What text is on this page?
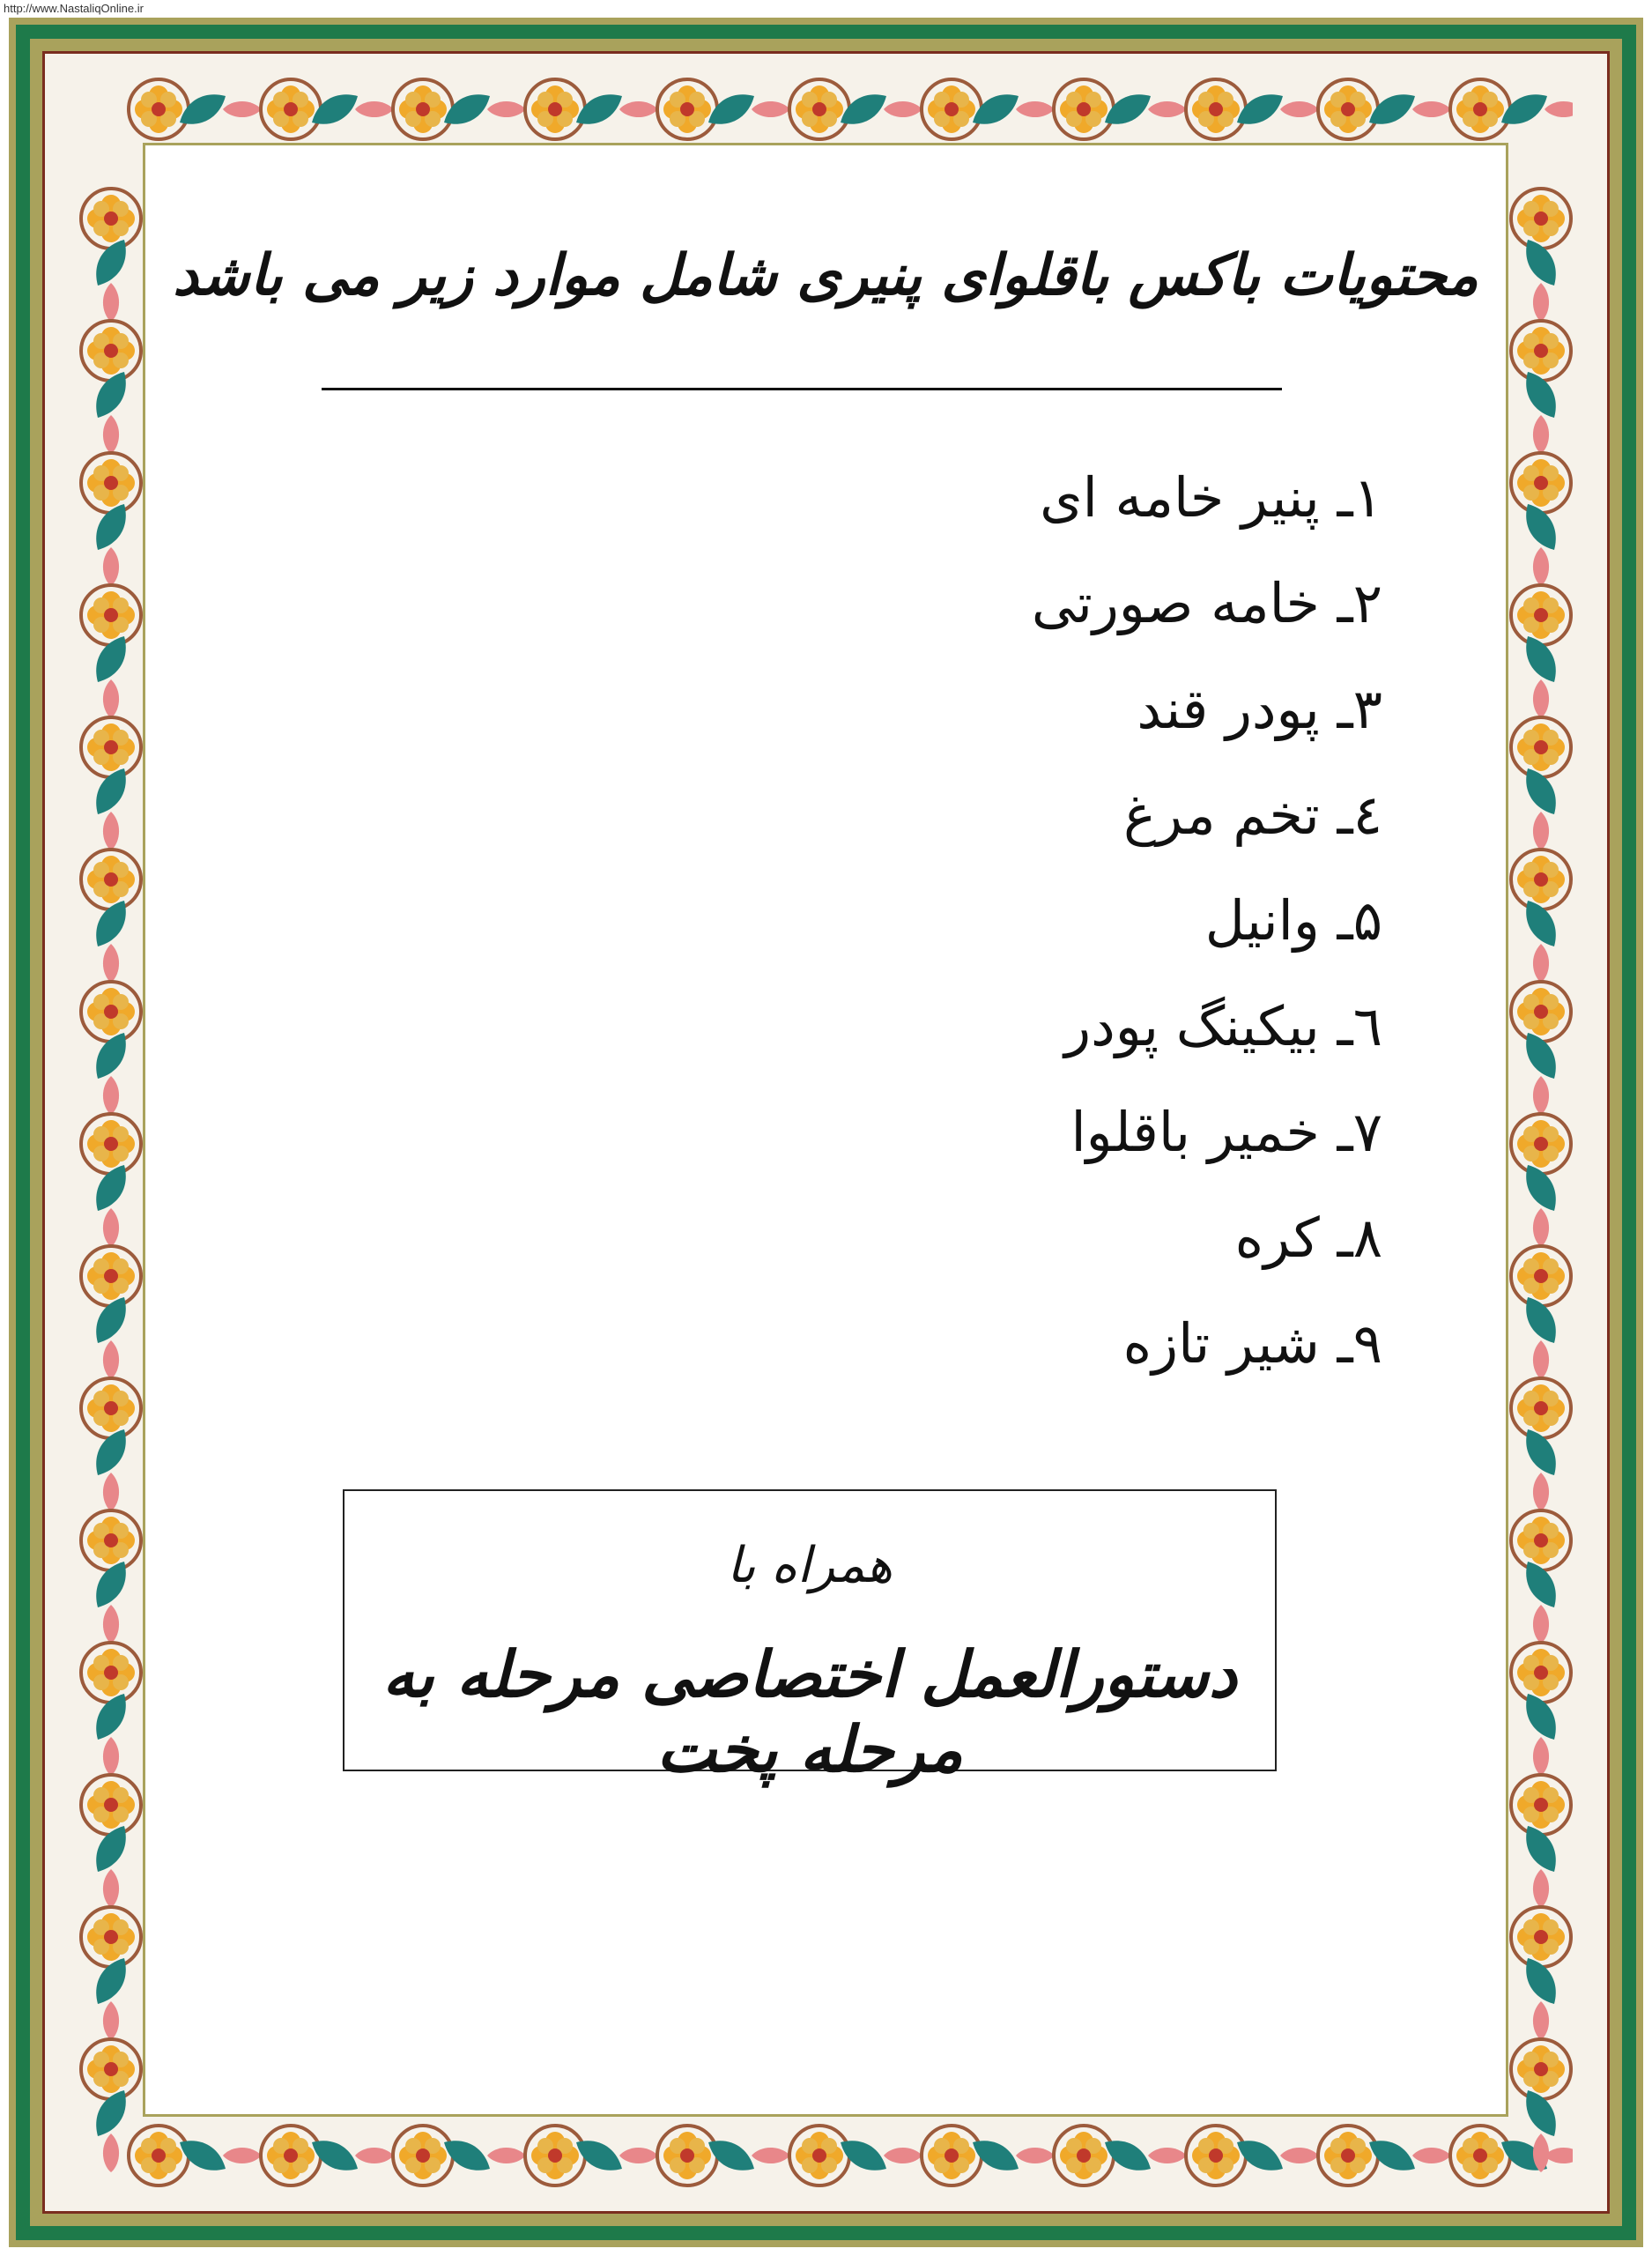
http://www.NastaliqOnline.ir
محتویات باکس باقلوای پنیری شامل موارد زیر می باشد
۱ـ پنیر خامه ای
۲ـ خامه صورتی
۳ـ پودر قند
٤ـ تخم مرغ
۵ـ وانیل
٦ـ بیکینگ پودر
۷ـ خمیر باقلوا
۸ـ کره
۹ـ شیر تازه
همراه با
دستورالعمل اختصاصی مرحله به مرحله پخت
